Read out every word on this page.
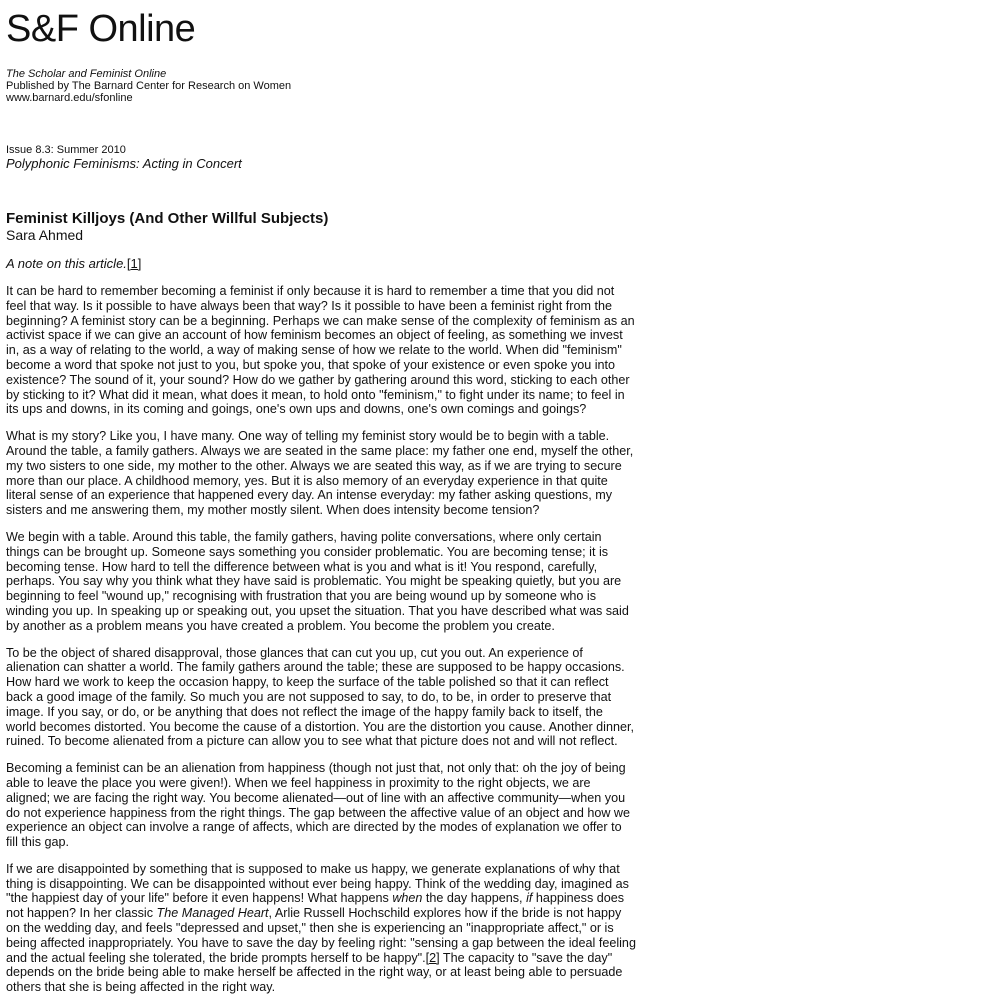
S&F Online
The Scholar and Feminist Online
Published by The Barnard Center for Research on Women
www.barnard.edu/sfonline
Issue 8.3: Summer 2010
Polyphonic Feminisms: Acting in Concert
Feminist Killjoys (And Other Willful Subjects)
Sara Ahmed
A note on this article.[1]

It can be hard to remember becoming a feminist if only because it is hard to remember a time that you did not feel that way. Is it possible to have always been that way? Is it possible to have been a feminist right from the beginning? A feminist story can be a beginning. Perhaps we can make sense of the complexity of feminism as an activist space if we can give an account of how feminism becomes an object of feeling, as something we invest in, as a way of relating to the world, a way of making sense of how we relate to the world. When did "feminism" become a word that spoke not just to you, but spoke you, that spoke of your existence or even spoke you into existence? The sound of it, your sound? How do we gather by gathering around this word, sticking to each other by sticking to it? What did it mean, what does it mean, to hold onto "feminism," to fight under its name; to feel in its ups and downs, in its coming and goings, one's own ups and downs, one's own comings and goings?

What is my story? Like you, I have many. One way of telling my feminist story would be to begin with a table. Around the table, a family gathers. Always we are seated in the same place: my father one end, myself the other, my two sisters to one side, my mother to the other. Always we are seated this way, as if we are trying to secure more than our place. A childhood memory, yes. But it is also memory of an everyday experience in that quite literal sense of an experience that happened every day. An intense everyday: my father asking questions, my sisters and me answering them, my mother mostly silent. When does intensity become tension?

We begin with a table. Around this table, the family gathers, having polite conversations, where only certain things can be brought up. Someone says something you consider problematic. You are becoming tense; it is becoming tense. How hard to tell the difference between what is you and what is it! You respond, carefully, perhaps. You say why you think what they have said is problematic. You might be speaking quietly, but you are beginning to feel "wound up," recognising with frustration that you are being wound up by someone who is winding you up. In speaking up or speaking out, you upset the situation. That you have described what was said by another as a problem means you have created a problem. You become the problem you create.

To be the object of shared disapproval, those glances that can cut you up, cut you out. An experience of alienation can shatter a world. The family gathers around the table; these are supposed to be happy occasions. How hard we work to keep the occasion happy, to keep the surface of the table polished so that it can reflect back a good image of the family. So much you are not supposed to say, to do, to be, in order to preserve that image. If you say, or do, or be anything that does not reflect the image of the happy family back to itself, the world becomes distorted. You become the cause of a distortion. You are the distortion you cause. Another dinner, ruined. To become alienated from a picture can allow you to see what that picture does not and will not reflect.

Becoming a feminist can be an alienation from happiness (though not just that, not only that: oh the joy of being able to leave the place you were given!). When we feel happiness in proximity to the right objects, we are aligned; we are facing the right way. You become alienated—out of line with an affective community—when you do not experience happiness from the right things. The gap between the affective value of an object and how we experience an object can involve a range of affects, which are directed by the modes of explanation we offer to fill this gap.

If we are disappointed by something that is supposed to make us happy, we generate explanations of why that thing is disappointing. We can be disappointed without ever being happy. Think of the wedding day, imagined as "the happiest day of your life" before it even happens! What happens when the day happens, if happiness does not happen? In her classic The Managed Heart, Arlie Russell Hochschild explores how if the bride is not happy on the wedding day, and feels "depressed and upset," then she is experiencing an "inappropriate affect," or is being affected inappropriately. You have to save the day by feeling right: "sensing a gap between the ideal feeling and the actual feeling she tolerated, the bride prompts herself to be happy".[2] The capacity to "save the day" depends on the bride being able to make herself be affected in the right way, or at least being able to persuade others that she is being affected in the right way.
